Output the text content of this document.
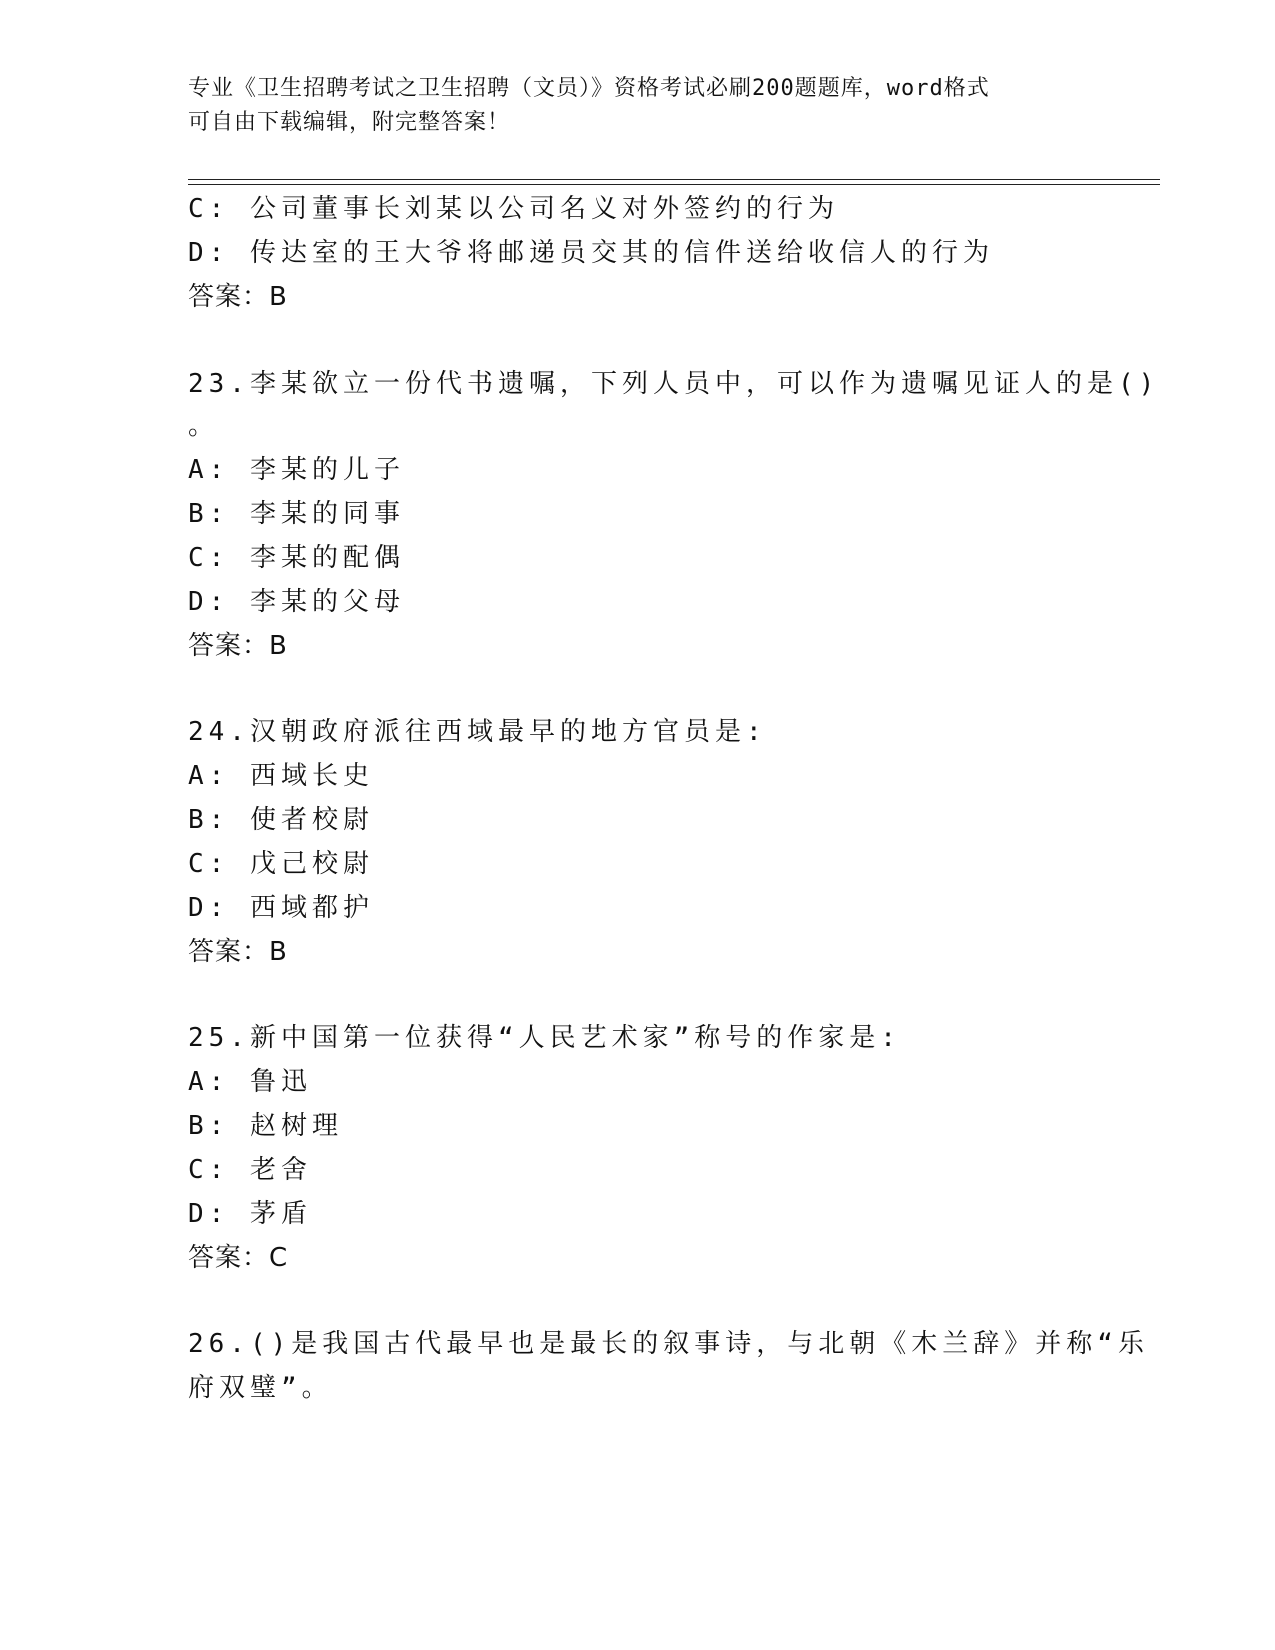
专业《卫生招聘考试之卫生招聘（文员）》资格考试必刷200题题库，word格式
可自由下载编辑，附完整答案！
C: 公司董事长刘某以公司名义对外签约的行为
D: 传达室的王大爷将邮递员交其的信件送给收信人的行为
答案：B
23.李某欲立一份代书遗嘱，下列人员中，可以作为遗嘱见证人的是()
。
A: 李某的儿子
B: 李某的同事
C: 李某的配偶
D: 李某的父母
答案：B
24.汉朝政府派往西域最早的地方官员是:
A: 西域长史
B: 使者校尉
C: 戊己校尉
D: 西域都护
答案：B
25.新中国第一位获得“人民艺术家”称号的作家是:
A: 鲁迅
B: 赵树理
C: 老舍
D: 茅盾
答案：C
26.()是我国古代最早也是最长的叙事诗，与北朝《木兰辞》并称“乐
府双璧”。
